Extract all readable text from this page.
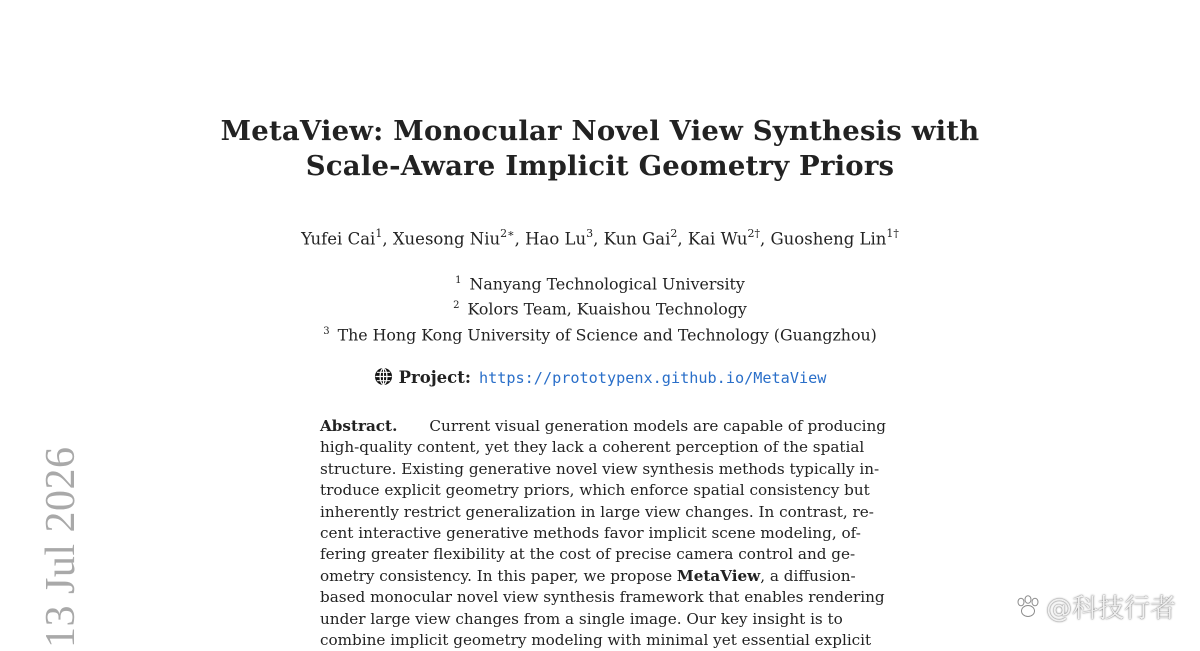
MetaView: Monocular Novel View Synthesis with
Scale-Aware Implicit Geometry Priors
Yufei Cai$^1$, Xuesong Niu$^{2∗}$, Hao Lu$^3$, Kun Gai$^2$, Kai $Wu^{2\dagger}$, Guosheng Lin$^{1\dagger}$
$^1$ Nanyang Technological University
$^2$ Kolors Team, Kuaishou Technology
$^3$ The Hong Kong University of Science and Technology (Guangzhou)
Project: https://prototypenx.github.io/MetaView
Abstract.	Current visual generation models are capable of producing
high-quality content, yet they lack a coherent perception of the spatial
structure. Existing generative novel view synthesis methods typically in-
troduce explicit geometry priors, which enforce spatial consistency but
inherently restrict generalization in large view changes. In contrast, re-
cent interactive generative methods favor implicit scene modeling, of-
fering greater flexibility at the cost of precise camera control and ge-
ometry consistency. In this paper, we propose MetaView, a diffusion-
based monocular novel view synthesis framework that enables rendering
under large view changes from a single image. Our key insight is to
combine implicit geometry modeling with minimal yet essential explicit
13 Jul 2026	@科技行者
